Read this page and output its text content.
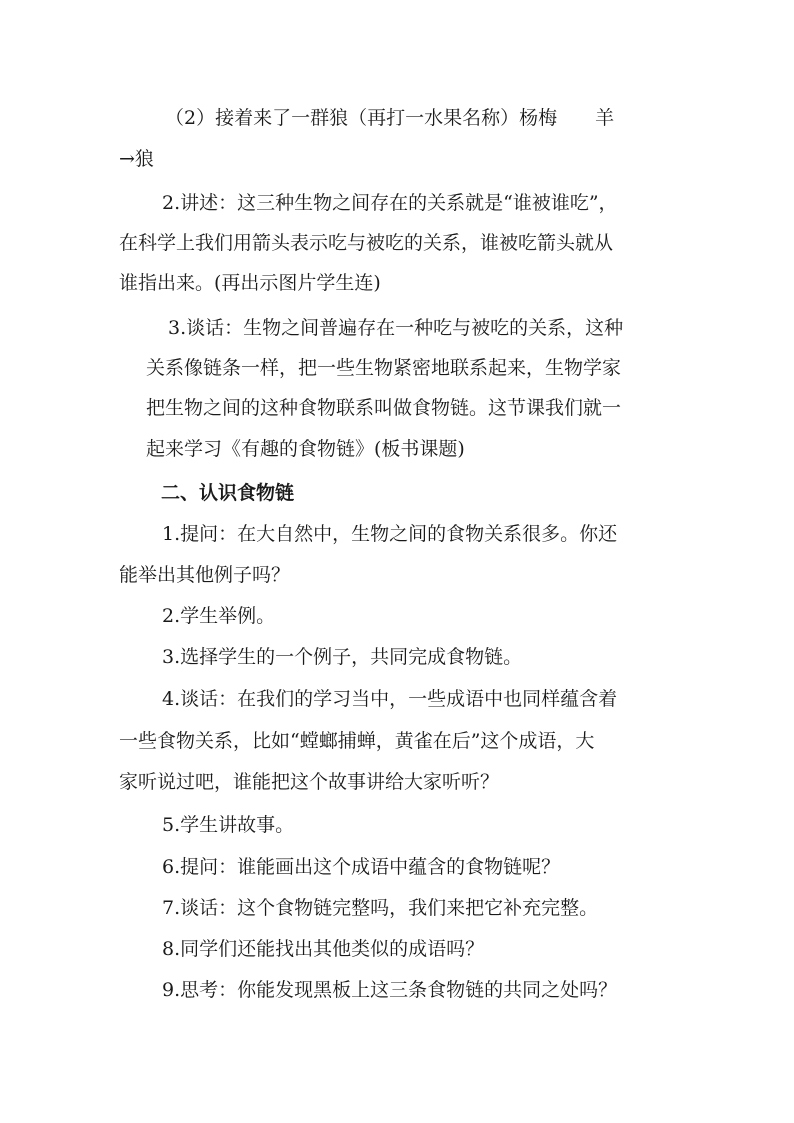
（2）接着来了一群狼（再打一水果名称）杨梅　　羊

→狼

2.讲述：这三种生物之间存在的关系就是“谁被谁吃”，

在科学上我们用箭头表示吃与被吃的关系，谁被吃箭头就从

谁指出来。(再出示图片学生连)

3.谈话：生物之间普遍存在一种吃与被吃的关系，这种

关系像链条一样，把一些生物紧密地联系起来，生物学家

把生物之间的这种食物联系叫做食物链。这节课我们就一

起来学习《有趣的食物链》(板书课题)

二、认识食物链

1.提问：在大自然中，生物之间的食物关系很多。你还

能举出其他例子吗？

2.学生举例。

3.选择学生的一个例子，共同完成食物链。

4.谈话：在我们的学习当中，一些成语中也同样蕴含着

一些食物关系，比如“螳螂捕蝉，黄雀在后”这个成语，大

家听说过吧，谁能把这个故事讲给大家听听？

5.学生讲故事。

6.提问：谁能画出这个成语中蕴含的食物链呢？

7.谈话：这个食物链完整吗，我们来把它补充完整。

8.同学们还能找出其他类似的成语吗？

9.思考：你能发现黑板上这三条食物链的共同之处吗？
